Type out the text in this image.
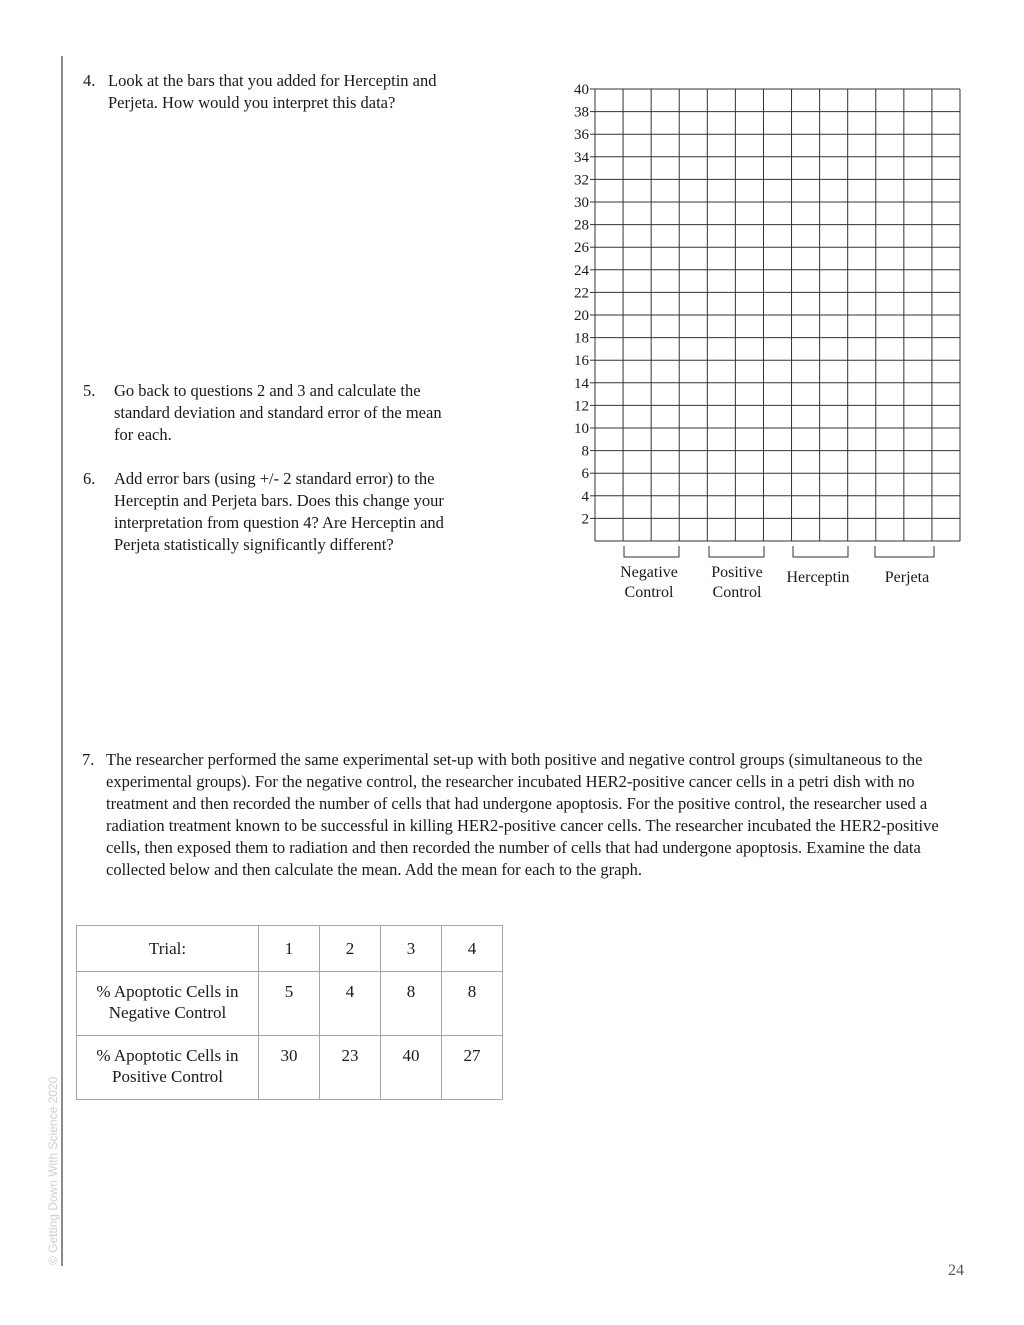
© Getting Down With Science 2020
4. Look at the bars that you added for Herceptin and Perjeta. How would you interpret this data?
5. Go back to questions 2 and 3 and calculate the standard deviation and standard error of the mean for each.
6. Add error bars (using +/- 2 standard error) to the Herceptin and Perjeta bars. Does this change your interpretation from question 4? Are Herceptin and Perjeta statistically significantly different?
2
4
6
8
10
12
14
16
18
20
22
24
26
28
30
32
34
36
38
40
Negative Control
Positive Control
Herceptin Perjeta
7. The researcher performed the same experimental set-up with both positive and negative control groups (simultaneous to the experimental groups). For the negative control, the researcher incubated HER2-positive cancer cells in a petri dish with no treatment and then recorded the number of cells that had undergone apoptosis. For the positive control, the researcher used a radiation treatment known to be successful in killing HER2-positive cancer cells. The researcher incubated the HER2-positive cells, then exposed them to radiation and then recorded the number of cells that had undergone apoptosis. Examine the data collected below and then calculate the mean. Add the mean for each to the graph.
Trial:	1	2	3	4
% Apoptotic Cells in
Negative Control	5	4	8	8
% Apoptotic Cells in
Positive Control	30	23	40	27
24
